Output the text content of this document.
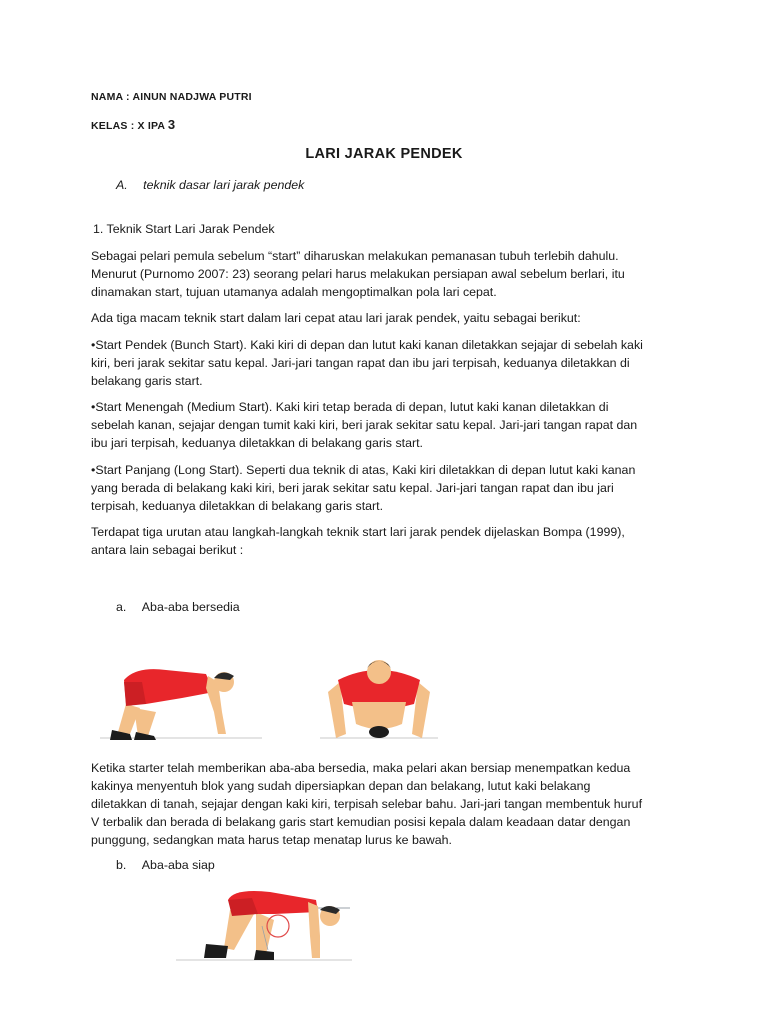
NAMA : AINUN NADJWA PUTRI
KELAS : X IPA 3
LARI JARAK PENDEK
A. teknik dasar lari jarak pendek
1. Teknik Start Lari Jarak Pendek
Sebagai pelari pemula sebelum “start” diharuskan melakukan pemanasan tubuh terlebih dahulu.
Menurut (Purnomo 2007: 23) seorang pelari harus melakukan persiapan awal sebelum berlari, itu
dinamakan start, tujuan utamanya adalah mengoptimalkan pola lari cepat.
Ada tiga macam teknik start dalam lari cepat atau lari jarak pendek, yaitu sebagai berikut:
•Start Pendek (Bunch Start). Kaki kiri di depan dan lutut kaki kanan diletakkan sejajar di sebelah kaki
kiri, beri jarak sekitar satu kepal. Jari-jari tangan rapat dan ibu jari terpisah, keduanya diletakkan di
belakang garis start.
•Start Menengah (Medium Start). Kaki kiri tetap berada di depan, lutut kaki kanan diletakkan di
sebelah kanan, sejajar dengan tumit kaki kiri, beri jarak sekitar satu kepal. Jari-jari tangan rapat dan
ibu jari terpisah, keduanya diletakkan di belakang garis start.
•Start Panjang (Long Start). Seperti dua teknik di atas, Kaki kiri diletakkan di depan lutut kaki kanan
yang berada di belakang kaki kiri, beri jarak sekitar satu kepal. Jari-jari tangan rapat dan ibu jari
terpisah, keduanya diletakkan di belakang garis start.
Terdapat tiga urutan atau langkah-langkah teknik start lari jarak pendek dijelaskan Bompa (1999),
antara lain sebagai berikut :
a. Aba-aba bersedia
Ketika starter telah memberikan aba-aba bersedia, maka pelari akan bersiap menempatkan kedua
kakinya menyentuh blok yang sudah dipersiapkan depan dan belakang, lutut kaki belakang
diletakkan di tanah, sejajar dengan kaki kiri, terpisah selebar bahu. Jari-jari tangan membentuk huruf
V terbalik dan berada di belakang garis start kemudian posisi kepala dalam keadaan datar dengan
punggung, sedangkan mata harus tetap menatap lurus ke bawah.
b. Aba-aba siap
